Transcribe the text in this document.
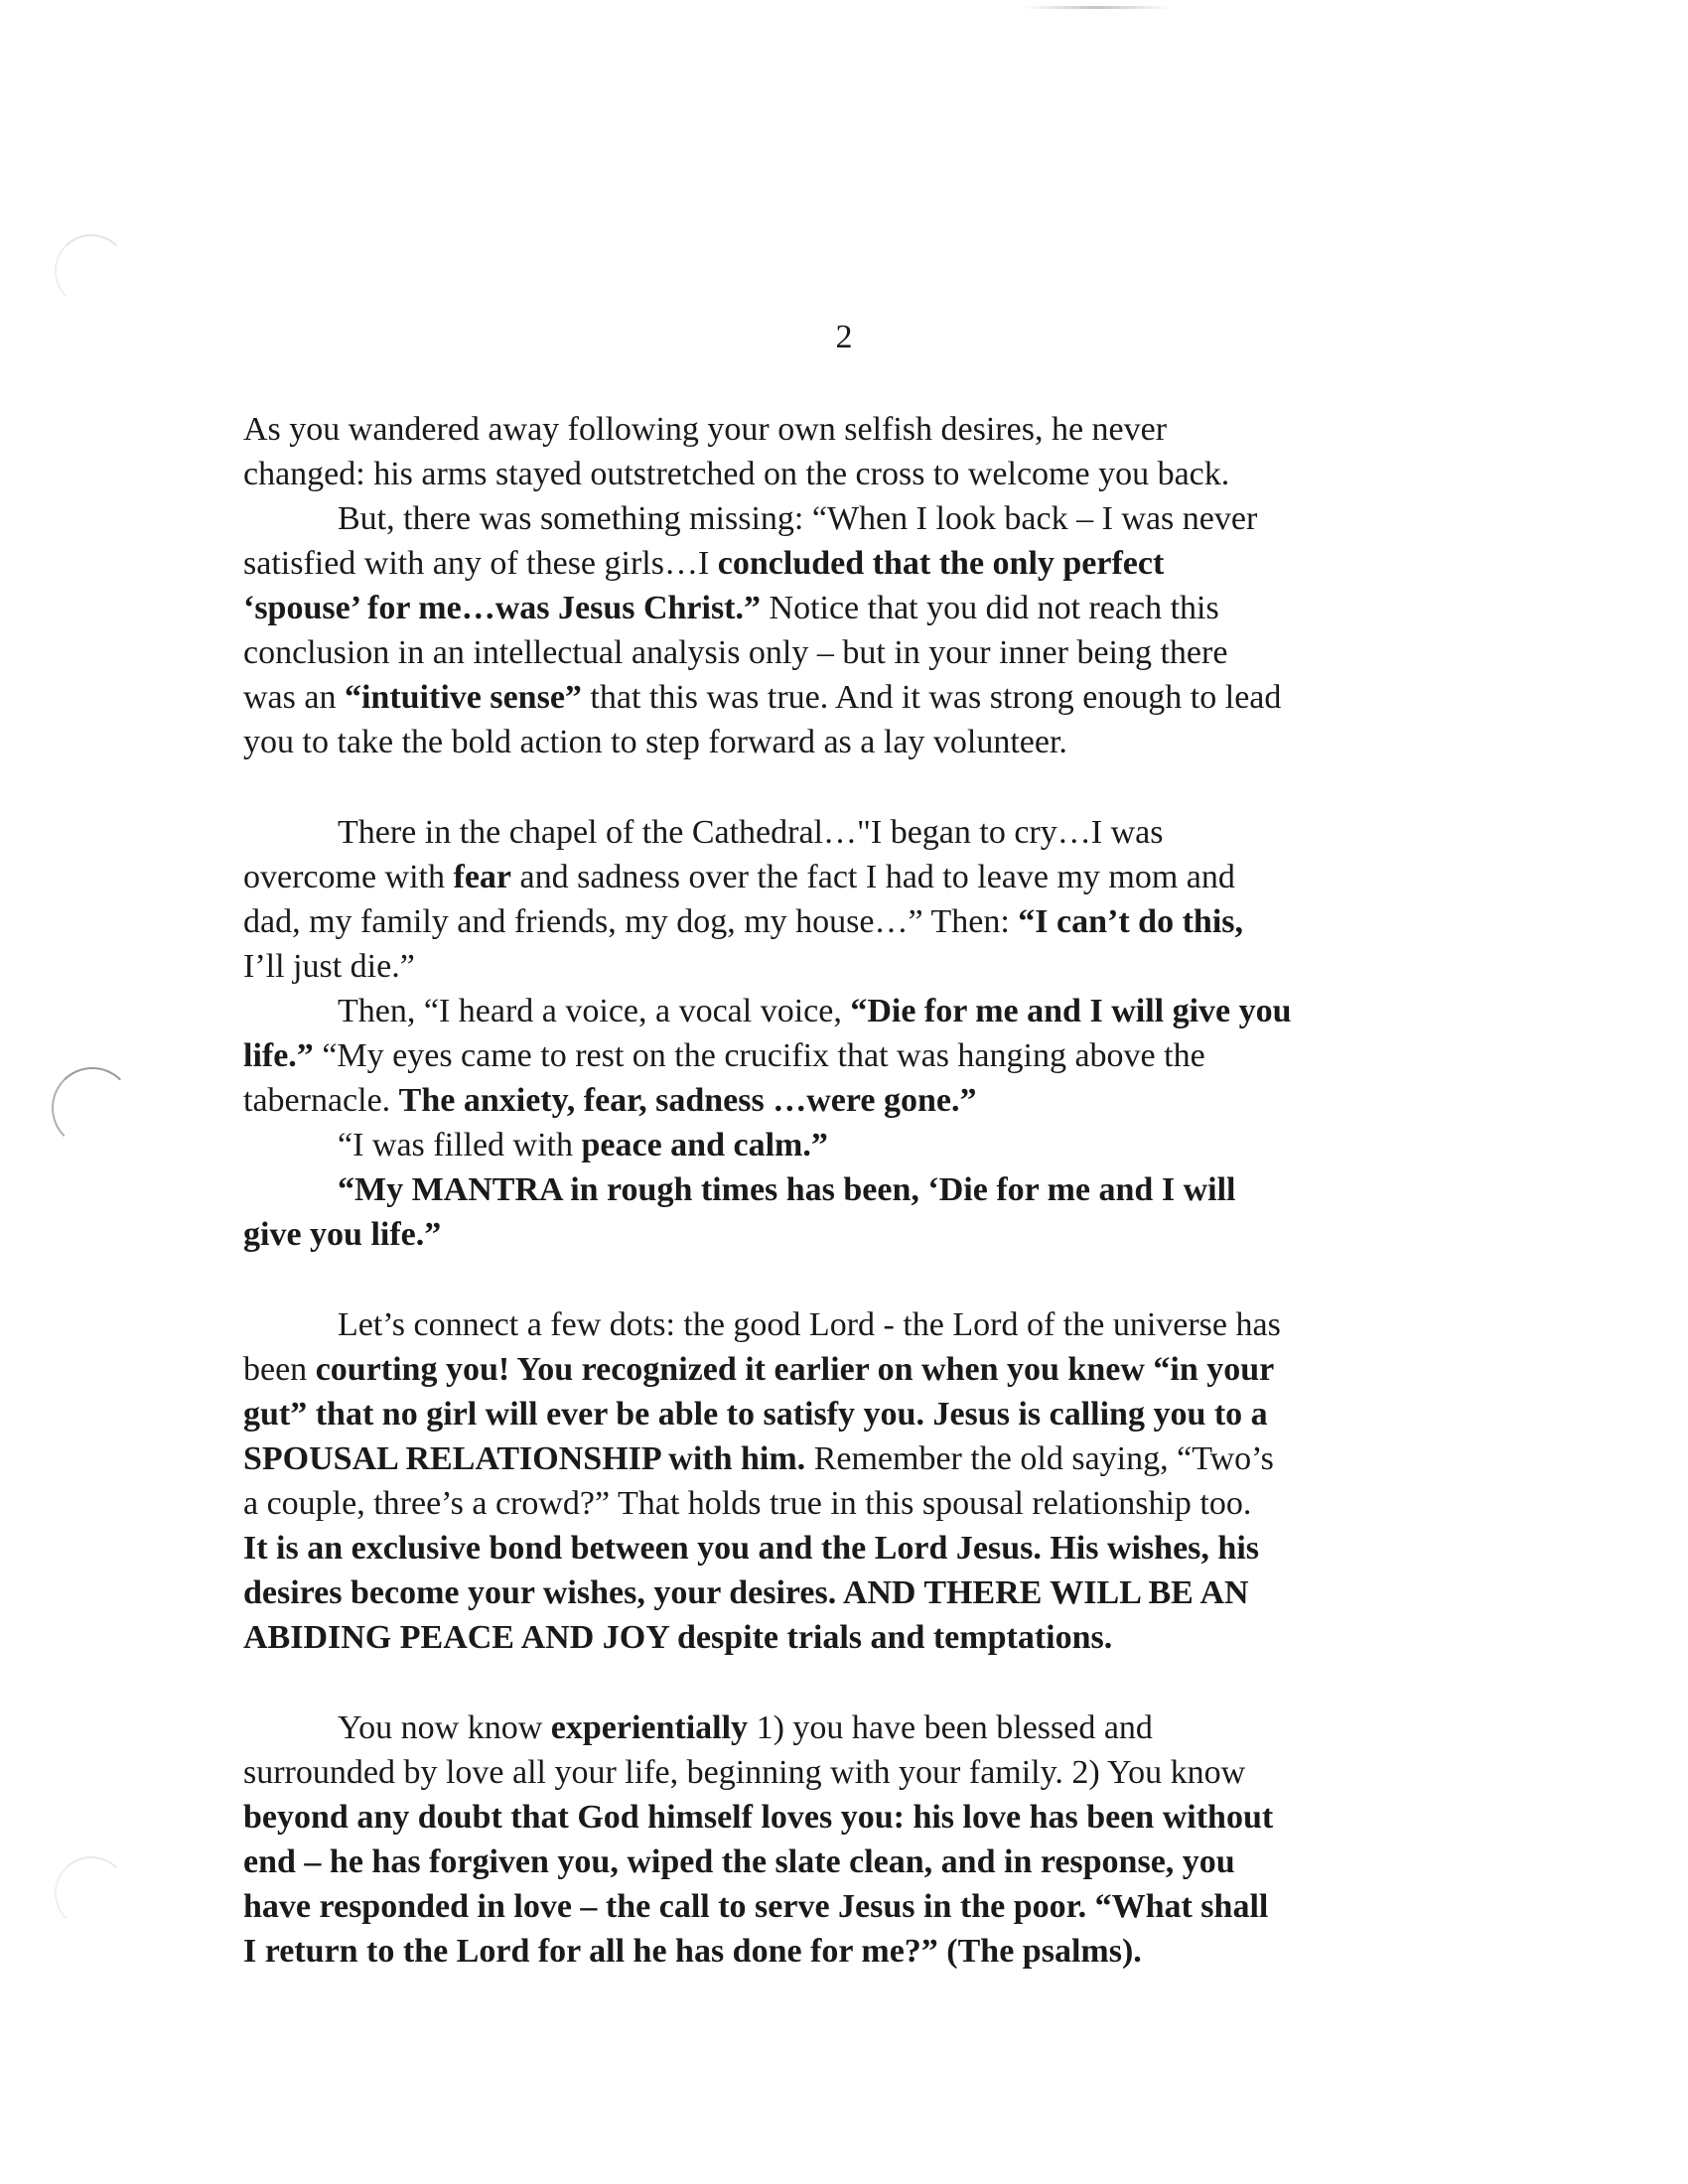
2
As you wandered away following your own selfish desires, he never
changed: his arms stayed outstretched on the cross to welcome you back.
But, there was something missing: “When I look back – I was never
satisfied with any of these girls…I concluded that the only perfect
‘spouse’ for me…was Jesus Christ.” Notice that you did not reach this
conclusion in an intellectual analysis only – but in your inner being there
was an “intuitive sense” that this was true. And it was strong enough to lead
you to take the bold action to step forward as a lay volunteer.
There in the chapel of the Cathedral…"I began to cry…I was
overcome with fear and sadness over the fact I had to leave my mom and
dad, my family and friends, my dog, my house…” Then: “I can’t do this,
I’ll just die.”
Then, “I heard a voice, a vocal voice, “Die for me and I will give you
life.” “My eyes came to rest on the crucifix that was hanging above the
tabernacle. The anxiety, fear, sadness …were gone.”
“I was filled with peace and calm.”
“My MANTRA in rough times has been, ‘Die for me and I will
give you life.”
Let’s connect a few dots: the good Lord - the Lord of the universe has
been courting you! You recognized it earlier on when you knew “in your
gut” that no girl will ever be able to satisfy you. Jesus is calling you to a
SPOUSAL RELATIONSHIP with him. Remember the old saying, “Two’s
a couple, three’s a crowd?” That holds true in this spousal relationship too.
It is an exclusive bond between you and the Lord Jesus. His wishes, his
desires become your wishes, your desires. AND THERE WILL BE AN
ABIDING PEACE AND JOY despite trials and temptations.
You now know experientially 1) you have been blessed and
surrounded by love all your life, beginning with your family. 2) You know
beyond any doubt that God himself loves you: his love has been without
end – he has forgiven you, wiped the slate clean, and in response, you
have responded in love – the call to serve Jesus in the poor. “What shall
I return to the Lord for all he has done for me?” (The psalms).
